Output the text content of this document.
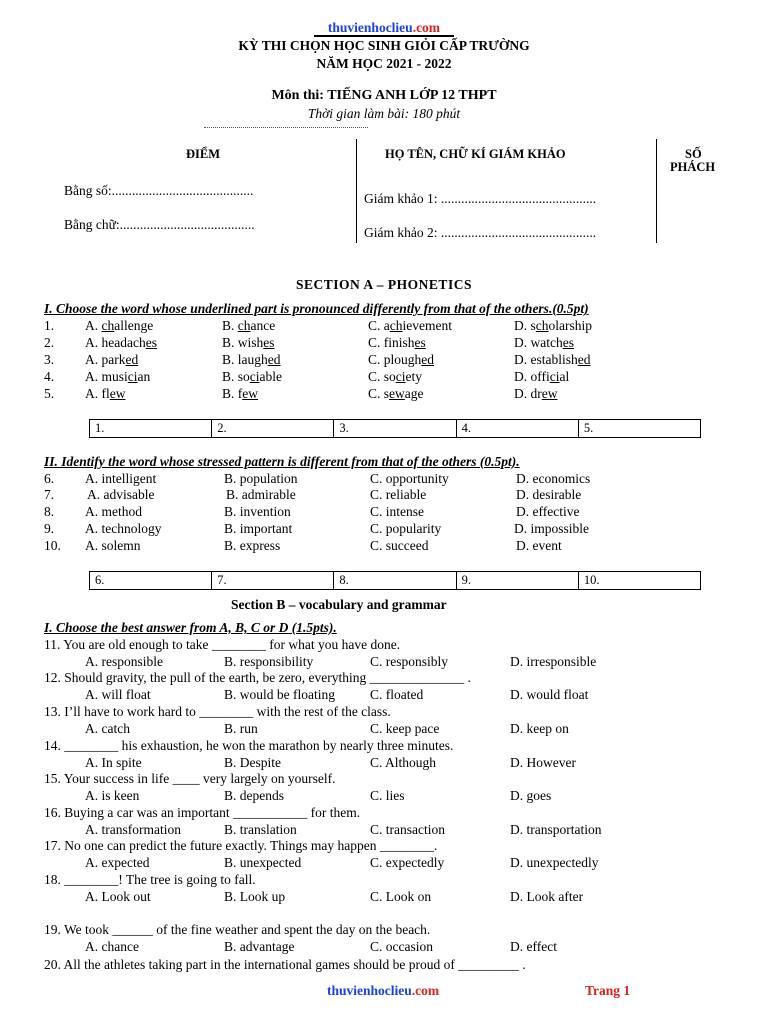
thuvienhoclieu.com
KỲ THI CHỌN HỌC SINH GIỎI CẤP TRƯỜNG
NĂM HỌC 2021 - 2022
Môn thi: TIẾNG ANH LỚP 12 THPT
Thời gian làm bài: 180 phút
ĐIỂM	HỌ TÊN, CHỮ KÍ GIÁM KHẢO	SỐ
PHÁCH
Bằng số:..........................................
Bằng chữ:........................................
Giám khảo 1: ..............................................
Giám khảo 2: ..............................................
SECTION A – PHONETICS
I. Choose the word whose underlined part is pronounced differently from that of the others.(0.5pt)
1. A. challenge	B. chance	C. achievement	D. scholarship
2. A. headaches	B. wishes	C. finishes	D. watches
3. A. parked	B. laughed	C. ploughed	D. established
4. A. musician	B. sociable	C. society	D. official
5. A. flew	B. few	C. sewage	D. drew
1.	2.	3.	4.	5.
II. Identify the word whose stressed pattern is different from that of the others (0.5pt).
6. A. intelligent	B. population	C. opportunity	D. economics
7. A. advisable	B. admirable	C. reliable	D. desirable
8. A. method	B. invention	C. intense	D. effective
9. A. technology	B. important	C. popularity	D. impossible
10. A. solemn	B. express	C. succeed	D. event
6.	7.	8.	9.	10.
Section B – vocabulary and grammar
I. Choose the best answer from A, B, C or D (1.5pts).
11. You are old enough to take ________ for what you have done.
A. responsible	B. responsibility	C. responsibly	D. irresponsible
12. Should gravity, the pull of the earth, be zero, everything ______________ .
A. will float	B. would be floating	C. floated	D. would float
13. I’ll have to work hard to ________ with the rest of the class.
A. catch	B. run	C. keep pace	D. keep on
14. ________ his exhaustion, he won the marathon by nearly three minutes.
A. In spite	B. Despite	C. Although	D. However
15. Your success in life ____ very largely on yourself.
A. is keen	B. depends	C. lies	D. goes
16. Buying a car was an important ___________ for them.
A. transformation	B. translation	C. transaction	D. transportation
17. No one can predict the future exactly. Things may happen ________.
A. expected	B. unexpected	C. expectedly	D. unexpectedly
18. ________! The tree is going to fall.
A. Look out	B. Look up	C. Look on	D. Look after
19. We took ______ of the fine weather and spent the day on the beach.
A. chance	B. advantage	C. occasion	D. effect
20. All the athletes taking part in the international games should be proud of _________ .
thuvienhoclieu.com	Trang 1
